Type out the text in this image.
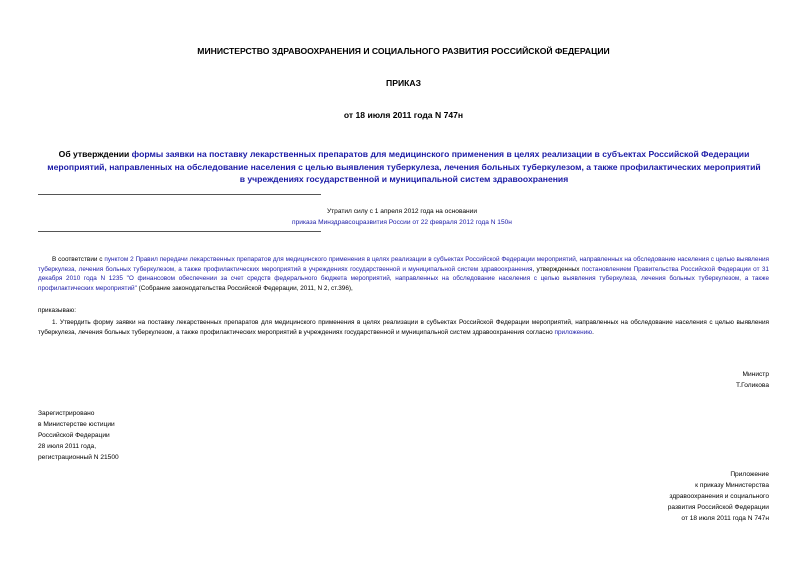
МИНИСТЕРСТВО ЗДРАВООХРАНЕНИЯ И СОЦИАЛЬНОГО РАЗВИТИЯ РОССИЙСКОЙ ФЕДЕРАЦИИ
ПРИКАЗ
от 18 июля 2011 года N 747н
Об утверждении формы заявки на поставку лекарственных препаратов для медицинского применения в целях реализации в субъектах Российской Федерации мероприятий, направленных на обследование населения с целью выявления туберкулеза, лечения больных туберкулезом, а также профилактических мероприятий в учреждениях государственной и муниципальной систем здравоохранения
Утратил силу с 1 апреля 2012 года на основании
приказа Минздравсоцразвития России от 22 февраля 2012 года N 150н
В соответствии с пунктом 2 Правил передачи лекарственных препаратов для медицинского применения в целях реализации в субъектах Российской Федерации мероприятий, направленных на обследование населения с целью выявления туберкулеза, лечения больных туберкулезом, а также профилактических мероприятий в учреждениях государственной и муниципальной систем здравоохранения, утвержденных постановлением Правительства Российской Федерации от 31 декабря 2010 года N 1235 "О финансовом обеспечении за счет средств федерального бюджета мероприятий, направленных на обследование населения с целью выявления туберкулеза, лечения больных туберкулезом, а также профилактических мероприятий" (Собрание законодательства Российской Федерации, 2011, N 2, ст.396),
приказываю:
1. Утвердить форму заявки на поставку лекарственных препаратов для медицинского применения в целях реализации в субъектах Российской Федерации мероприятий, направленных на обследование населения с целью выявления туберкулеза, лечения больных туберкулезом, а также профилактических мероприятий в учреждениях государственной и муниципальной систем здравоохранения согласно приложению.
Министр
Т.Голикова
Зарегистрировано
в Министерстве юстиции
Российской Федерации
28 июля 2011 года,
регистрационный N 21500
Приложение
к приказу Министерства
здравоохранения и социального
развития Российской Федерации
от 18 июля 2011 года N 747н
